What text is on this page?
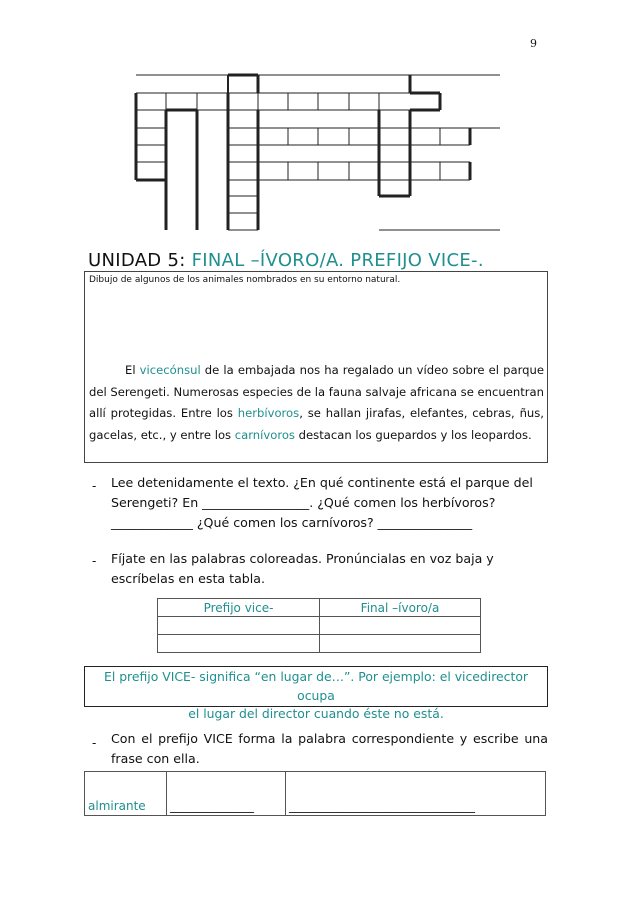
9
UNIDAD 5: FINAL –ÍVORO/A. PREFIJO VICE-.
Dibujo de algunos de los animales nombrados en su entorno natural.

El vicecónsul de la embajada nos ha regalado un vídeo sobre el parque del Serengeti. Numerosas especies de la fauna salvaje africana se encuentran allí protegidas. Entre los herbívoros, se hallan jirafas, elefantes, cebras, ñus, gacelas, etc., y entre los carnívoros destacan los guepardos y los leopardos.

- Lee detenidamente el texto. ¿En qué continente está el parque del
Serengeti? En _________________. ¿Qué comen los herbívoros?
_____________ ¿Qué comen los carnívoros? _______________
- Fíjate en las palabras coloreadas. Pronúncialas en voz baja y escríbelas en esta tabla.
Prefijo vice-	Final –ívoro/a

El prefijo VICE- significa “en lugar de…”. Por ejemplo: el vicedirector ocupa
el lugar del director cuando éste no está.
- Con el prefijo VICE forma la palabra correspondiente y escribe una
frase con ella.
almirante	______________	_______________________________
